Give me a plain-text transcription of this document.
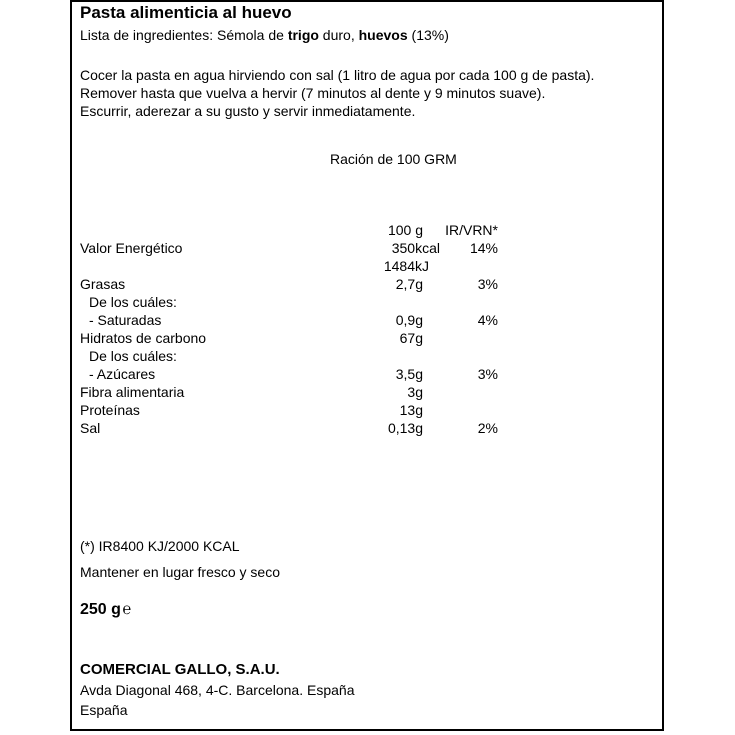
Pasta alimenticia al huevo
Lista de ingredientes: Sémola de trigo duro, huevos (13%)
Cocer la pasta en agua hirviendo con sal (1 litro de agua por cada 100 g de pasta).
Remover hasta que vuelva a hervir (7 minutos al dente y 9 minutos suave).
Escurrir, aderezar a su gusto y servir inmediatamente.
Ración de 100 GRM
100 g	IR/VRN*
Valor Energético	350kcal	14%
1484kJ
Grasas	2,7g	3%
De los cuáles:
- Saturadas	0,9g	4%
Hidratos de carbono	67g
De los cuáles:
- Azúcares	3,5g	3%
Fibra alimentaria	3g
Proteínas	13g
Sal	0,13g	2%
(*) IR8400 KJ/2000 KCAL
Mantener en lugar fresco y seco
250 g℮
COMERCIAL GALLO, S.A.U.
Avda Diagonal 468, 4-C. Barcelona. España
España
